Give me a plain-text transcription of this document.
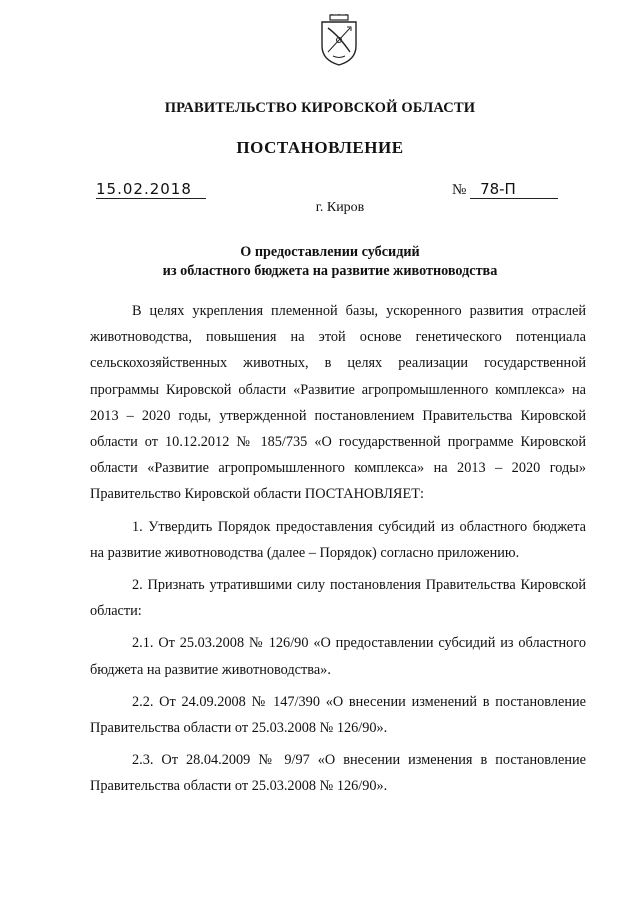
ПРАВИТЕЛЬСТВО КИРОВСКОЙ ОБЛАСТИ
ПОСТАНОВЛЕНИЕ
15.02.2018	№ 78-П
г. Киров
О предоставлении субсидий
из областного бюджета на развитие животноводства

В целях укрепления племенной базы, ускоренного развития отраслей животноводства, повышения на этой основе генетического потенциала сельскохозяйственных животных, в целях реализации государственной программы Кировской области «Развитие агропромышленного комплекса» на 2013 – 2020 годы, утвержденной постановлением Правительства Кировской области от 10.12.2012 № 185/735 «О государственной программе Кировской области «Развитие агропромышленного комплекса» на 2013 – 2020 годы» Правительство Кировской области ПОСТАНОВЛЯЕТ:

1. Утвердить Порядок предоставления субсидий из областного бюджета на развитие животноводства (далее – Порядок) согласно приложению.

2. Признать утратившими силу постановления Правительства Кировской области:

2.1. От 25.03.2008 № 126/90 «О предоставлении субсидий из областного бюджета на развитие животноводства».

2.2. От 24.09.2008 № 147/390 «О внесении изменений в постановление Правительства области от 25.03.2008 № 126/90».

2.3. От 28.04.2009 № 9/97 «О внесении изменения в постановление Правительства области от 25.03.2008 № 126/90».
